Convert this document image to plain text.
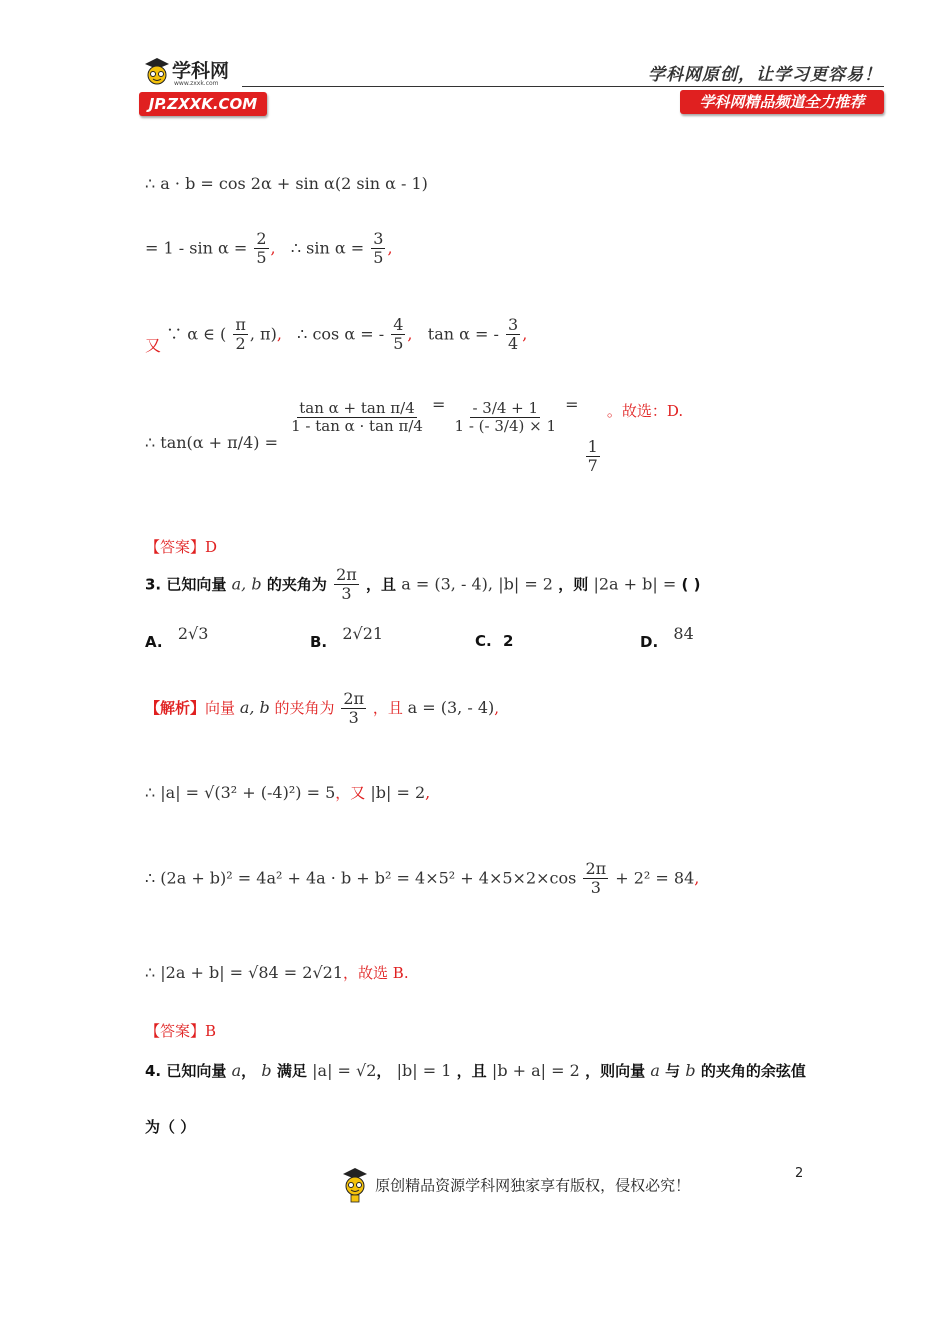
学科网
www.zxxk.com
JP.ZXXK.COM
学科网原创，让学习更容易！
学科网精品频道全力推荐
∴ a · b = cos 2α + sin α(2 sin α - 1)
= $1 - \sin \alpha = \frac{2}{5}$ , ∴ $\sin \alpha = \frac{3}{5}$ ,
又 ∵ α ∈ ( $\frac{\pi}{2}$ , π), ∴ cos α = - $\frac{4}{5}$ , tan α = - $\frac{3}{4}$ ,
∴ tan(α + π/4) =
$\frac{\text{tan α + tan π/4}}{\text{1 - tan α · tan π/4}} = \frac{- 3/4 + 1}{1 - (- 3/4) \times 1}$ =
$\frac{1}{7}$
。故选：D.
【答案】D
3. 已知向量 a, b 的夹角为 $\frac{2\pi}{3}$ ，且 a = (3, - 4), |b| = 2 ，则 |2a + b| = ( )
A. 2√3	B. 2√21	C. 2	D. 84
【解析】向量 a, b 的夹角为 $\frac{2\pi}{3}$ ，且 a = (3, - 4),
∴ |a| = √(3² + (-4)²) = 5，又 |b| = 2,
∴ $(2a + b)^2 = 4a^2 + 4a \cdot b + b^2 = 4\times 5^2 + 4\times 5\times 2\times\cos \frac{2\pi}{3} + 2^2 = 84$,
∴ |2a + b| = √84 = 2√21，故选 B.
【答案】B
4. 已知向量 a， b 满足 |a| = √2， |b| = 1 ，且 |b + a| = 2 ，则向量 a 与 b 的夹角的余弦值
为（ ）
2
原创精品资源学科网独家享有版权，侵权必究！
